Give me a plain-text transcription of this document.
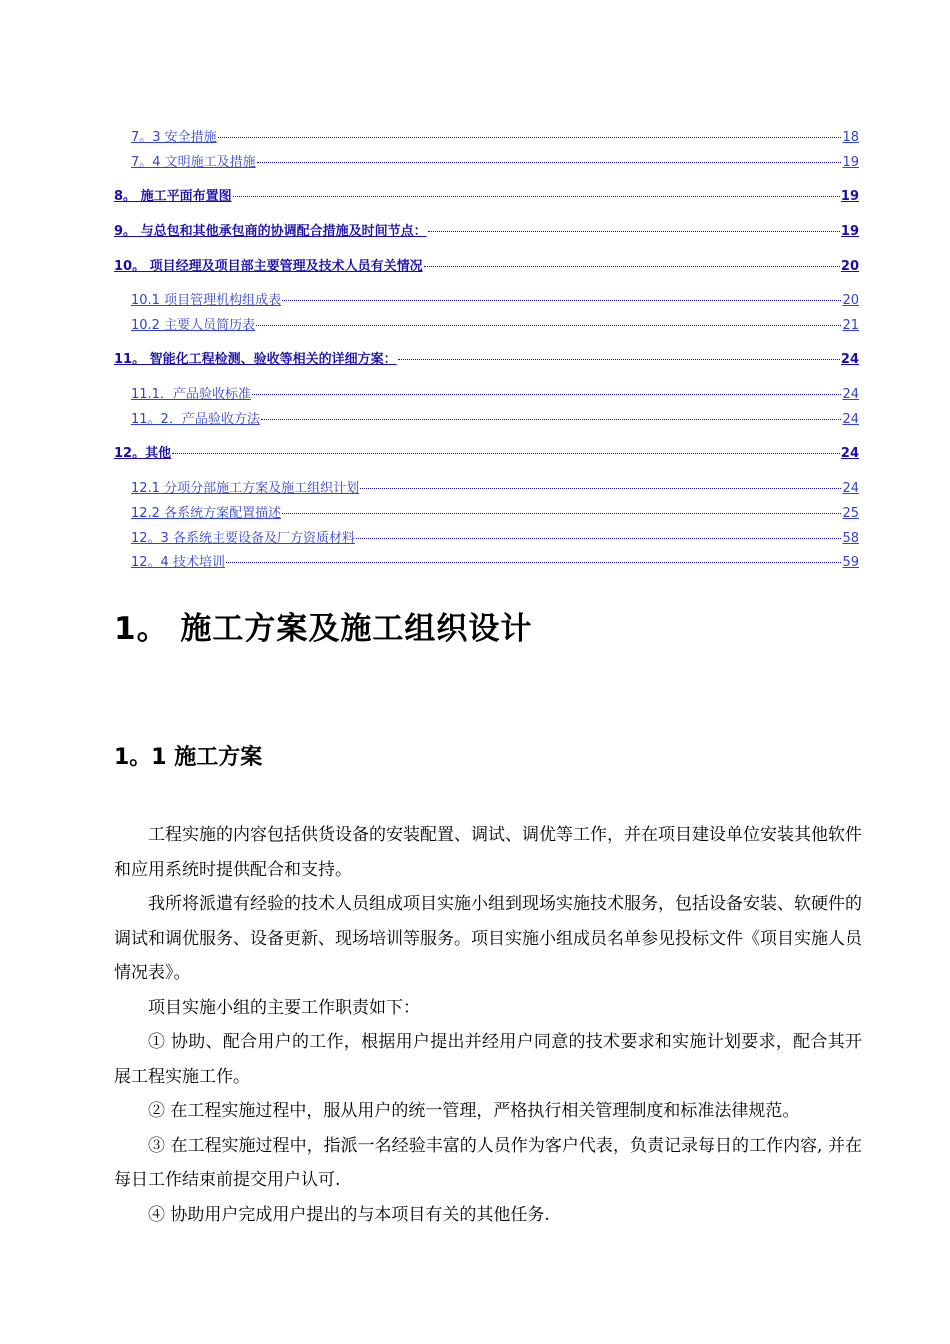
7。3 安全措施	18
7。4 文明施工及措施	19
8。 施工平面布置图	19
9。 与总包和其他承包商的协调配合措施及时间节点：	19
10。 项目经理及项目部主要管理及技术人员有关情况	20
10.1 项目管理机构组成表	20
10.2 主要人员简历表	21
11。 智能化工程检测、验收等相关的详细方案：	24
11.1．产品验收标准	24
11。2．产品验收方法	24
12。其他	24
12.1 分项分部施工方案及施工组织计划	24
12.2 各系统方案配置描述	25
12。3 各系统主要设备及厂方资质材料	58
12。4 技术培训	59
1。 施工方案及施工组织设计
1。1 施工方案

工程实施的内容包括供货设备的安装配置、调试、调优等工作，并在项目建设单位安装其他软件和应用系统时提供配合和支持。

我所将派遣有经验的技术人员组成项目实施小组到现场实施技术服务，包括设备安装、软硬件的调试和调优服务、设备更新、现场培训等服务。项目实施小组成员名单参见投标文件《项目实施人员情况表》。

项目实施小组的主要工作职责如下：

① 协助、配合用户的工作，根据用户提出并经用户同意的技术要求和实施计划要求，配合其开展工程实施工作。

② 在工程实施过程中，服从用户的统一管理，严格执行相关管理制度和标准法律规范。

③ 在工程实施过程中，指派一名经验丰富的人员作为客户代表，负责记录每日的工作内容, 并在每日工作结束前提交用户认可.

④ 协助用户完成用户提出的与本项目有关的其他任务.
